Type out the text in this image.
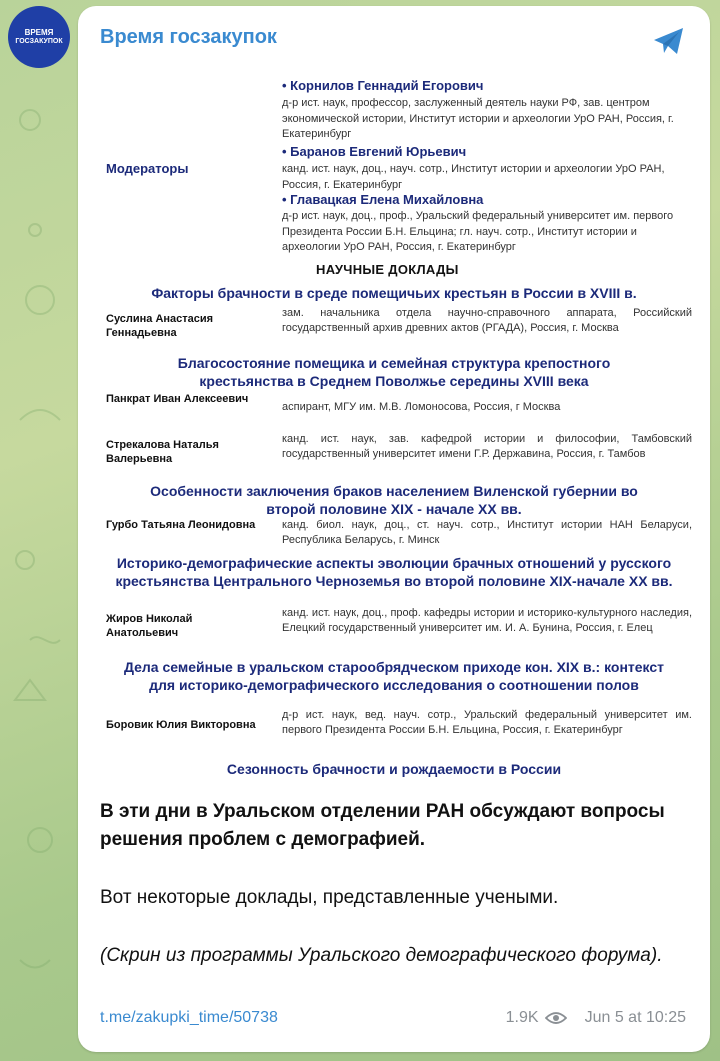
ВРЕМЯ
ГОСЗАКУПОК Время госзакупок
Модераторы
• Корнилов Геннадий Егорович
д-р ист. наук, профессор, заслуженный деятель науки РФ, зав. центром экономической истории, Институт истории и археологии УрО РАН, Россия, г. Екатеринбург
• Баранов Евгений Юрьевич
канд. ист. наук, доц., науч. сотр., Институт истории и археологии УрО РАН, Россия, г. Екатеринбург
• Главацкая Елена Михайловна
д-р ист. наук, доц., проф., Уральский федеральный университет им. первого Президента России Б.Н. Ельцина; гл. науч. сотр., Институт истории и археологии УрО РАН, Россия, г. Екатеринбург
НАУЧНЫЕ ДОКЛАДЫ
Факторы брачности в среде помещичьих крестьян в России в XVIII в.
Суслина Анастасия Геннадьевна
зам. начальника отдела научно-справочного аппарата, Российский государственный архив древних актов (РГАДА), Россия, г. Москва
Благосостояние помещика и семейная структура крепостного крестьянства в Среднем Поволжье середины XVIII века
Панкрат Иван Алексеевич
аспирант, МГУ им. М.В. Ломоносова, Россия, г Москва
Стрекалова Наталья Валерьевна
канд. ист. наук, зав. кафедрой истории и философии, Тамбовский государственный университет имени Г.Р. Державина, Россия, г. Тамбов
Особенности заключения браков населением Виленской губернии во второй половине XIX - начале XX вв.
Гурбо Татьяна Леонидовна	канд. биол. наук, доц., ст. науч. сотр., Институт истории НАН Беларуси, Республика Беларусь, г. Минск
Историко-демографические аспекты эволюции брачных отношений у русского крестьянства Центрального Черноземья во второй половине XIX-начале XX вв.
Жиров Николай Анатольевич
канд. ист. наук, доц., проф. кафедры истории и историко-культурного наследия, Елецкий государственный университет им. И. А. Бунина, Россия, г. Елец
Дела семейные в уральском старообрядческом приходе кон. XIX в.: контекст для историко-демографического исследования о соотношении полов
Боровик Юлия Викторовна
д-р ист. наук, вед. науч. сотр., Уральский федеральный университет им. первого Президента России Б.Н. Ельцина, Россия, г. Екатеринбург
Сезонность брачности и рождаемости в России
В эти дни в Уральском отделении РАН обсуждают вопросы решения проблем с демографией.
Вот некоторые доклады, представленные учеными.
(Скрин из программы Уральского демографического форума).
t.me/zakupki_time/50738	1.9K	Jun 5 at 10:25
